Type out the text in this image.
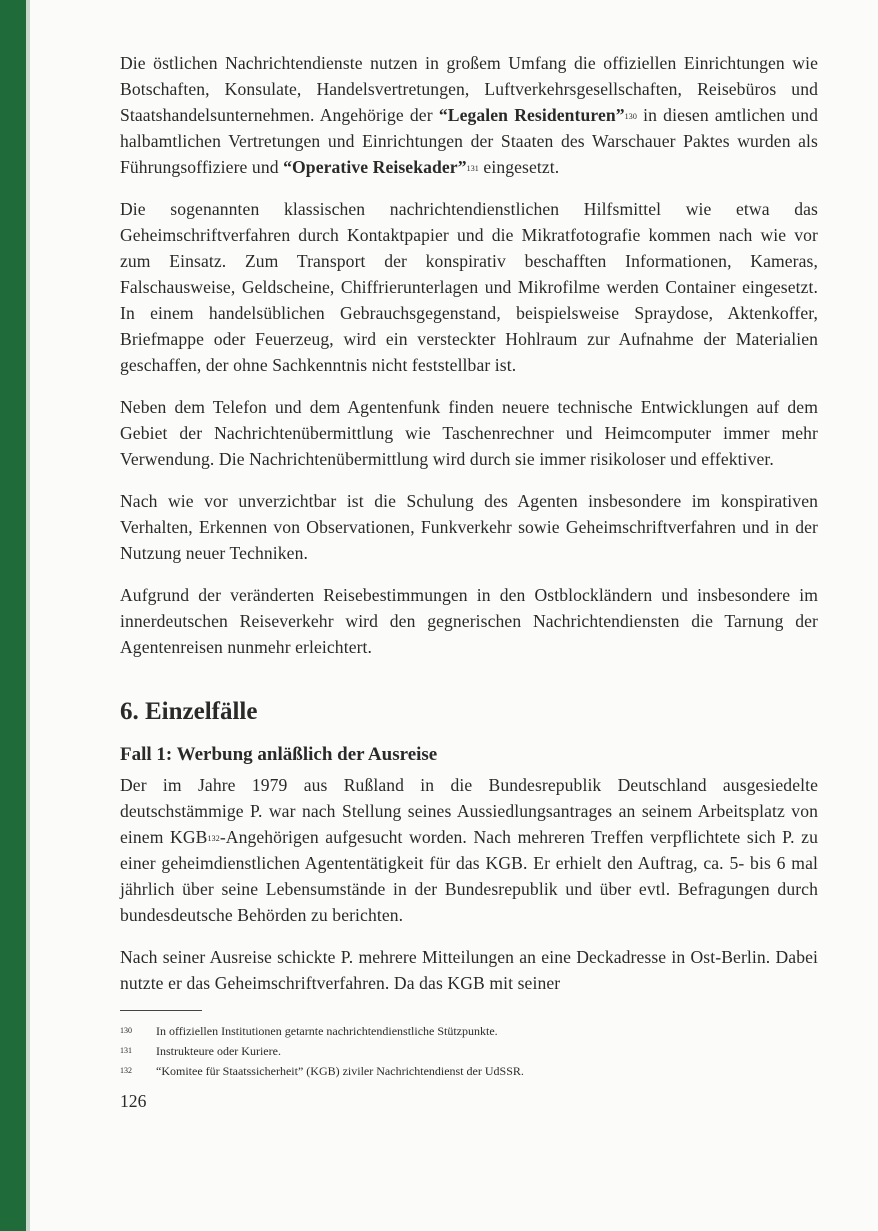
Die östlichen Nachrichtendienste nutzen in großem Umfang die offiziellen Einrichtungen wie Botschaften, Konsulate, Handelsvertretungen, Luftverkehrsgesellschaften, Reisebüros und Staatshandelsunternehmen. Angehörige der “Legalen Residenturen”$^{130}$ in diesen amtlichen und halbamtlichen Vertretungen und Einrichtungen der Staaten des Warschauer Paktes wurden als Führungsoffiziere und “Operative Reisekader”$^{131}$ eingesetzt.

Die sogenannten klassischen nachrichtendienstlichen Hilfsmittel wie etwa das Geheimschriftverfahren durch Kontaktpapier und die Mikratfotografie kommen nach wie vor zum Einsatz. Zum Transport der konspirativ beschafften Informationen, Kameras, Falschausweise, Geldscheine, Chiffrierunterlagen und Mikrofilme werden Container eingesetzt. In einem handelsüblichen Gebrauchsgegenstand, beispielsweise Spraydose, Aktenkoffer, Briefmappe oder Feuerzeug, wird ein versteckter Hohlraum zur Aufnahme der Materialien geschaffen, der ohne Sachkenntnis nicht feststellbar ist.

Neben dem Telefon und dem Agentenfunk finden neuere technische Entwicklungen auf dem Gebiet der Nachrichtenübermittlung wie Taschenrechner und Heimcomputer immer mehr Verwendung. Die Nachrichtenübermittlung wird durch sie immer risikoloser und effektiver.

Nach wie vor unverzichtbar ist die Schulung des Agenten insbesondere im konspirativen Verhalten, Erkennen von Observationen, Funkverkehr sowie Geheimschriftverfahren und in der Nutzung neuer Techniken.

Aufgrund der veränderten Reisebestimmungen in den Ostblockländern und insbesondere im innerdeutschen Reiseverkehr wird den gegnerischen Nachrichtendiensten die Tarnung der Agentenreisen nunmehr erleichtert.

6. Einzelfälle
Fall 1: Werbung anläßlich der Ausreise

Der im Jahre 1979 aus Rußland in die Bundesrepublik Deutschland ausgesiedelte deutschstämmige P. war nach Stellung seines Aussiedlungsantrages an seinem Arbeitsplatz von einem KGB$^{132}$-Angehörigen aufgesucht worden. Nach mehreren Treffen verpflichtete sich P. zu einer geheimdienstlichen Agententätigkeit für das KGB. Er erhielt den Auftrag, ca. 5- bis 6 mal jährlich über seine Lebensumstände in der Bundesrepublik und über evtl. Befragungen durch bundesdeutsche Behörden zu berichten.

Nach seiner Ausreise schickte P. mehrere Mitteilungen an eine Deckadresse in Ost-Berlin. Dabei nutzte er das Geheimschriftverfahren. Da das KGB mit seiner

130	In offiziellen Institutionen getarnte nachrichtendienstliche Stützpunkte.
131	Instrukteure oder Kuriere.
132	“Komitee für Staatssicherheit” (KGB) ziviler Nachrichtendienst der UdSSR.
126
